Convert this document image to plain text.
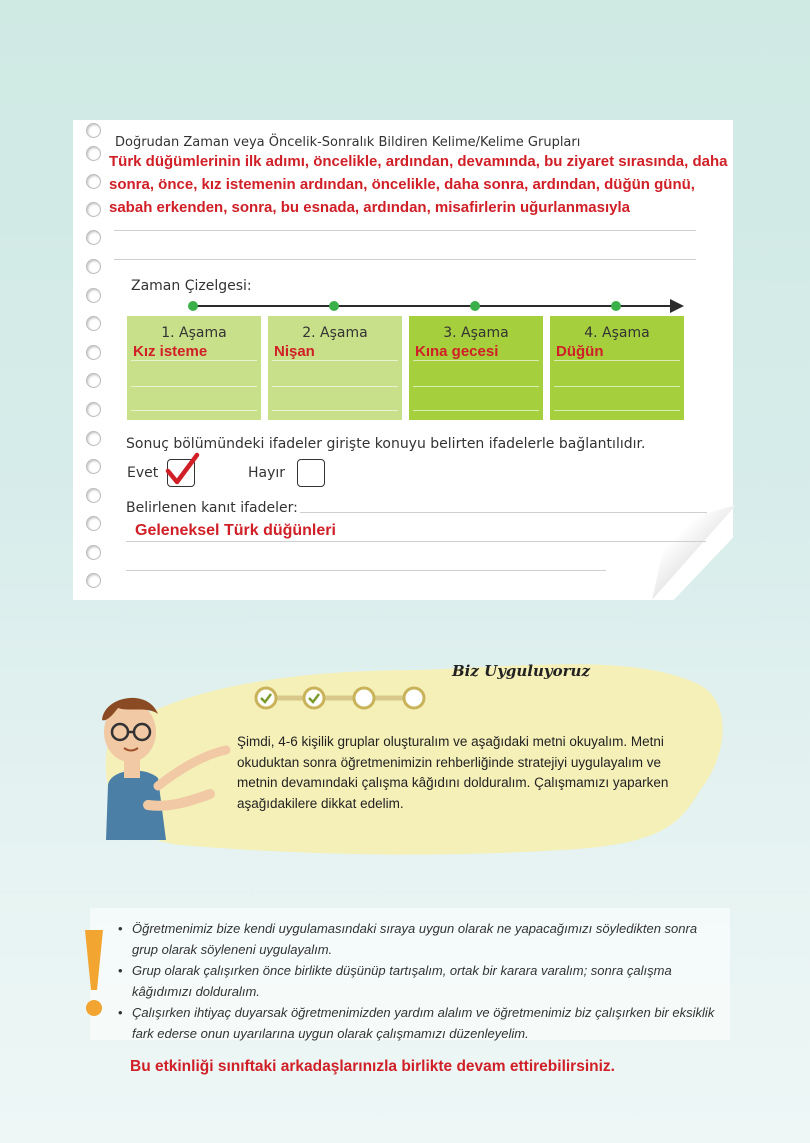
Doğrudan Zaman veya Öncelik-Sonralık Bildiren Kelime/Kelime Grupları
Türk düğümlerinin ilk adımı, öncelikle, ardından, devamında, bu ziyaret sırasında, daha sonra, önce, kız istemenin ardından, öncelikle, daha sonra, ardından, düğün günü, sabah erkenden, sonra, bu esnada, ardından, misafirlerin uğurlanmasıyla
Zaman Çizelgesi:
1. Aşama
Kız isteme
2. Aşama
Nişan
3. Aşama
Kına gecesi
4. Aşama
Düğün
Sonuç bölümündeki ifadeler girişte konuyu belirten ifadelerle bağlantılıdır.
Evet	Hayır
Belirlenen kanıt ifadeler:
Geleneksel Türk düğünleri
Biz Uyguluyoruz
Şimdi, 4-6 kişilik gruplar oluşturalım ve aşağıdaki metni okuyalım. Metni okuduktan sonra öğretmenimizin rehberliğinde stratejiyi uygulayalım ve metnin devamındaki çalışma kâğıdını dolduralım. Çalışmamızı yaparken aşağıdakilere dikkat edelim.
• Öğretmenimiz bize kendi uygulamasındaki sıraya uygun olarak ne yapacağımızı söyledikten sonra grup olarak söyleneni uygulayalım.
• Grup olarak çalışırken önce birlikte düşünüp tartışalım, ortak bir karara varalım; sonra çalışma kâğıdımızı dolduralım.
• Çalışırken ihtiyaç duyarsak öğretmenimizden yardım alalım ve öğretmenimiz biz çalışırken bir eksiklik fark ederse onun uyarılarına uygun olarak çalışmamızı düzenleyelim.
Bu etkinliği sınıftaki arkadaşlarınızla birlikte devam ettirebilirsiniz.
